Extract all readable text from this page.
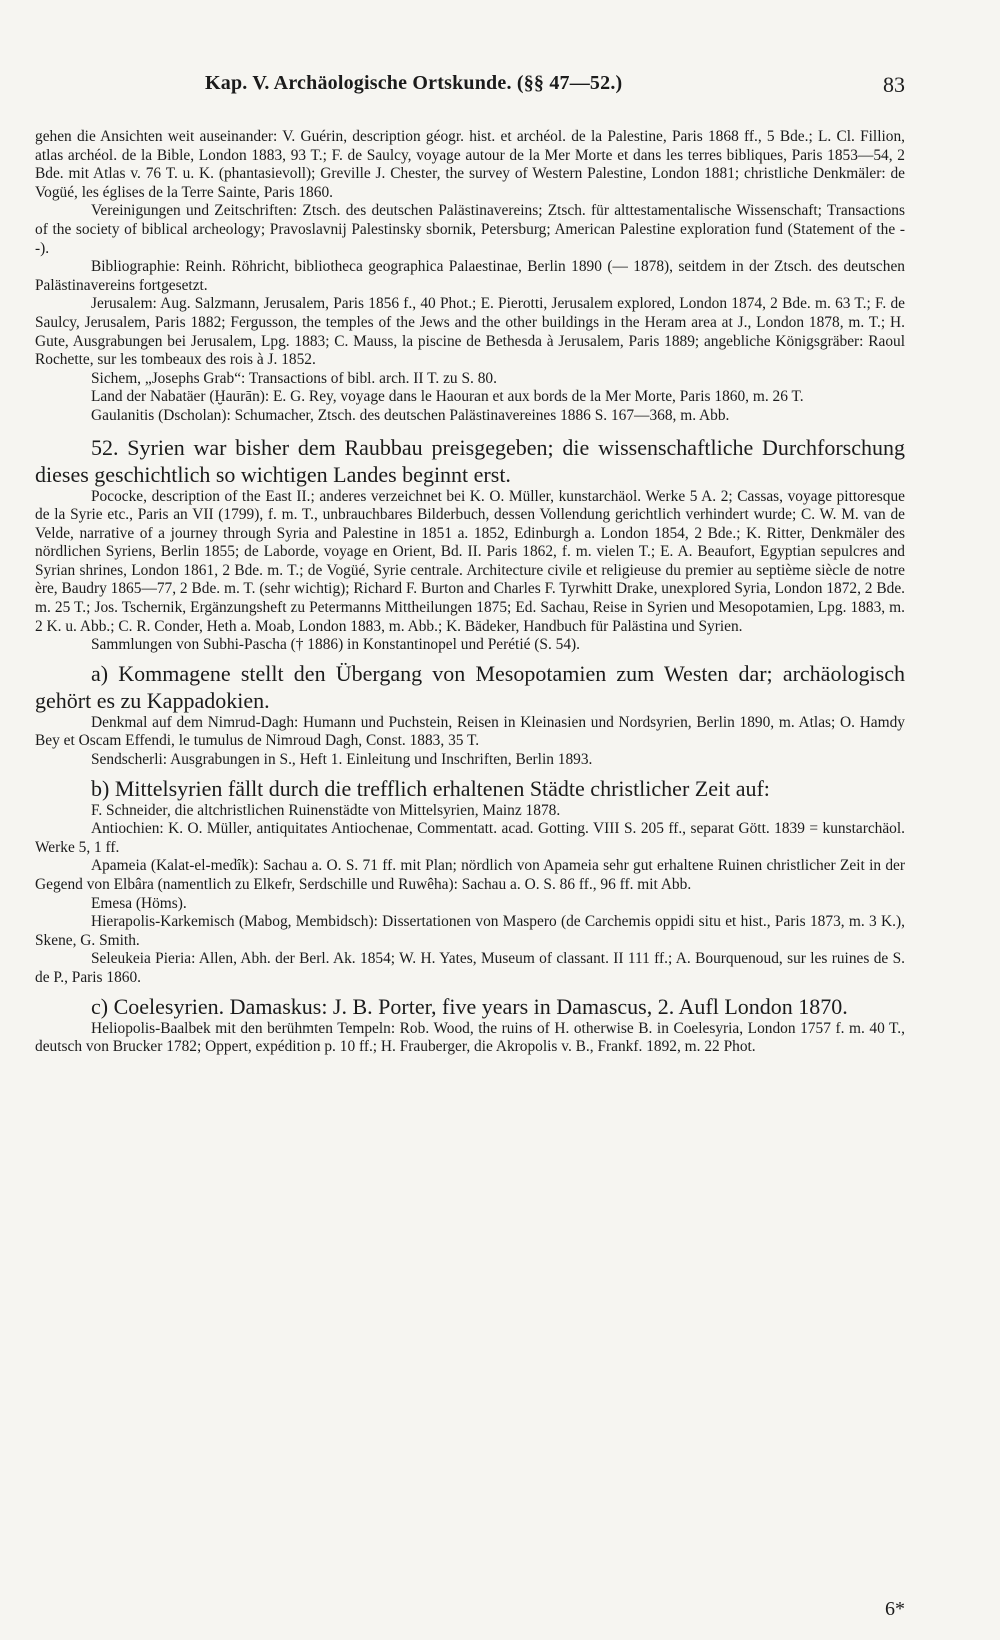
Kap. V. Archäologische Ortskunde. (§§ 47—52.)	83

gehen die Ansichten weit auseinander: V. Guérin, description géogr. hist. et archéol. de la Palestine, Paris 1868 ff., 5 Bde.; L. Cl. Fillion, atlas archéol. de la Bible, London 1883, 93 T.; F. de Saulcy, voyage autour de la Mer Morte et dans les terres bibliques, Paris 1853—54, 2 Bde. mit Atlas v. 76 T. u. K. (phantasievoll); Greville J. Chester, the survey of Western Palestine, London 1881; christliche Denkmäler: de Vogüé, les églises de la Terre Sainte, Paris 1860.

Vereinigungen und Zeitschriften: Ztsch. des deutschen Palästinavereins; Ztsch. für alttestamentalische Wissenschaft; Transactions of the society of biblical archeology; Pravoslavnij Palestinsky sbornik, Petersburg; American Palestine exploration fund (Statement of the - -).

Bibliographie: Reinh. Röhricht, bibliotheca geographica Palaestinae, Berlin 1890 (— 1878), seitdem in der Ztsch. des deutschen Palästinavereins fortgesetzt.

Jerusalem: Aug. Salzmann, Jerusalem, Paris 1856 f., 40 Phot.; E. Pierotti, Jerusalem explored, London 1874, 2 Bde. m. 63 T.; F. de Saulcy, Jerusalem, Paris 1882; Fergusson, the temples of the Jews and the other buildings in the Heram area at J., London 1878, m. T.; H. Gute, Ausgrabungen bei Jerusalem, Lpg. 1883; C. Mauss, la piscine de Bethesda à Jerusalem, Paris 1889; angebliche Königsgräber: Raoul Rochette, sur les tombeaux des rois à J. 1852.

Sichem, „Josephs Grab“: Transactions of bibl. arch. II T. zu S. 80.

Land der Nabatäer (Ḫaurān): E. G. Rey, voyage dans le Haouran et aux bords de la Mer Morte, Paris 1860, m. 26 T.

Gaulanitis (Dscholan): Schumacher, Ztsch. des deutschen Palästinavereines 1886 S. 167—368, m. Abb.

52. Syrien war bisher dem Raubbau preisgegeben; die wissenschaftliche Durchforschung dieses geschichtlich so wichtigen Landes beginnt erst.

Pococke, description of the East II.; anderes verzeichnet bei K. O. Müller, kunstarchäol. Werke 5 A. 2; Cassas, voyage pittoresque de la Syrie etc., Paris an VII (1799), f. m. T., unbrauchbares Bilderbuch, dessen Vollendung gerichtlich verhindert wurde; C. W. M. van de Velde, narrative of a journey through Syria and Palestine in 1851 a. 1852, Edinburgh a. London 1854, 2 Bde.; K. Ritter, Denkmäler des nördlichen Syriens, Berlin 1855; de Laborde, voyage en Orient, Bd. II. Paris 1862, f. m. vielen T.; E. A. Beaufort, Egyptian sepulcres and Syrian shrines, London 1861, 2 Bde. m. T.; de Vogüé, Syrie centrale. Architecture civile et religieuse du premier au septième siècle de notre ère, Baudry 1865—77, 2 Bde. m. T. (sehr wichtig); Richard F. Burton and Charles F. Tyrwhitt Drake, unexplored Syria, London 1872, 2 Bde. m. 25 T.; Jos. Tschernik, Ergänzungsheft zu Petermanns Mittheilungen 1875; Ed. Sachau, Reise in Syrien und Mesopotamien, Lpg. 1883, m. 2 K. u. Abb.; C. R. Conder, Heth a. Moab, London 1883, m. Abb.; K. Bädeker, Handbuch für Palästina und Syrien.

Sammlungen von Subhi-Pascha († 1886) in Konstantinopel und Perétié (S. 54).

a) Kommagene stellt den Übergang von Mesopotamien zum Westen dar; archäologisch gehört es zu Kappadokien.

Denkmal auf dem Nimrud-Dagh: Humann und Puchstein, Reisen in Kleinasien und Nordsyrien, Berlin 1890, m. Atlas; O. Hamdy Bey et Oscam Effendi, le tumulus de Nimroud Dagh, Const. 1883, 35 T.

Sendscherli: Ausgrabungen in S., Heft 1. Einleitung und Inschriften, Berlin 1893.

b) Mittelsyrien fällt durch die trefflich erhaltenen Städte christlicher Zeit auf:

F. Schneider, die altchristlichen Ruinenstädte von Mittelsyrien, Mainz 1878.

Antiochien: K. O. Müller, antiquitates Antiochenae, Commentatt. acad. Gotting. VIII S. 205 ff., separat Gött. 1839 = kunstarchäol. Werke 5, 1 ff.

Apameia (Kalat-el-medîk): Sachau a. O. S. 71 ff. mit Plan; nördlich von Apameia sehr gut erhaltene Ruinen christlicher Zeit in der Gegend von Elbâra (namentlich zu Elkefr, Serdschille und Ruwêha): Sachau a. O. S. 86 ff., 96 ff. mit Abb.

Emesa (Höms).

Hierapolis-Karkemisch (Mabog, Membidsch): Dissertationen von Maspero (de Carchemis oppidi situ et hist., Paris 1873, m. 3 K.), Skene, G. Smith.

Seleukeia Pieria: Allen, Abh. der Berl. Ak. 1854; W. H. Yates, Museum of classant. II 111 ff.; A. Bourquenoud, sur les ruines de S. de P., Paris 1860.

c) Coelesyrien. Damaskus: J. B. Porter, five years in Damascus, 2. Aufl London 1870.

Heliopolis-Baalbek mit den berühmten Tempeln: Rob. Wood, the ruins of H. otherwise B. in Coelesyria, London 1757 f. m. 40 T., deutsch von Brucker 1782; Oppert, expédition p. 10 ff.; H. Frauberger, die Akropolis v. B., Frankf. 1892, m. 22 Phot.

6*
